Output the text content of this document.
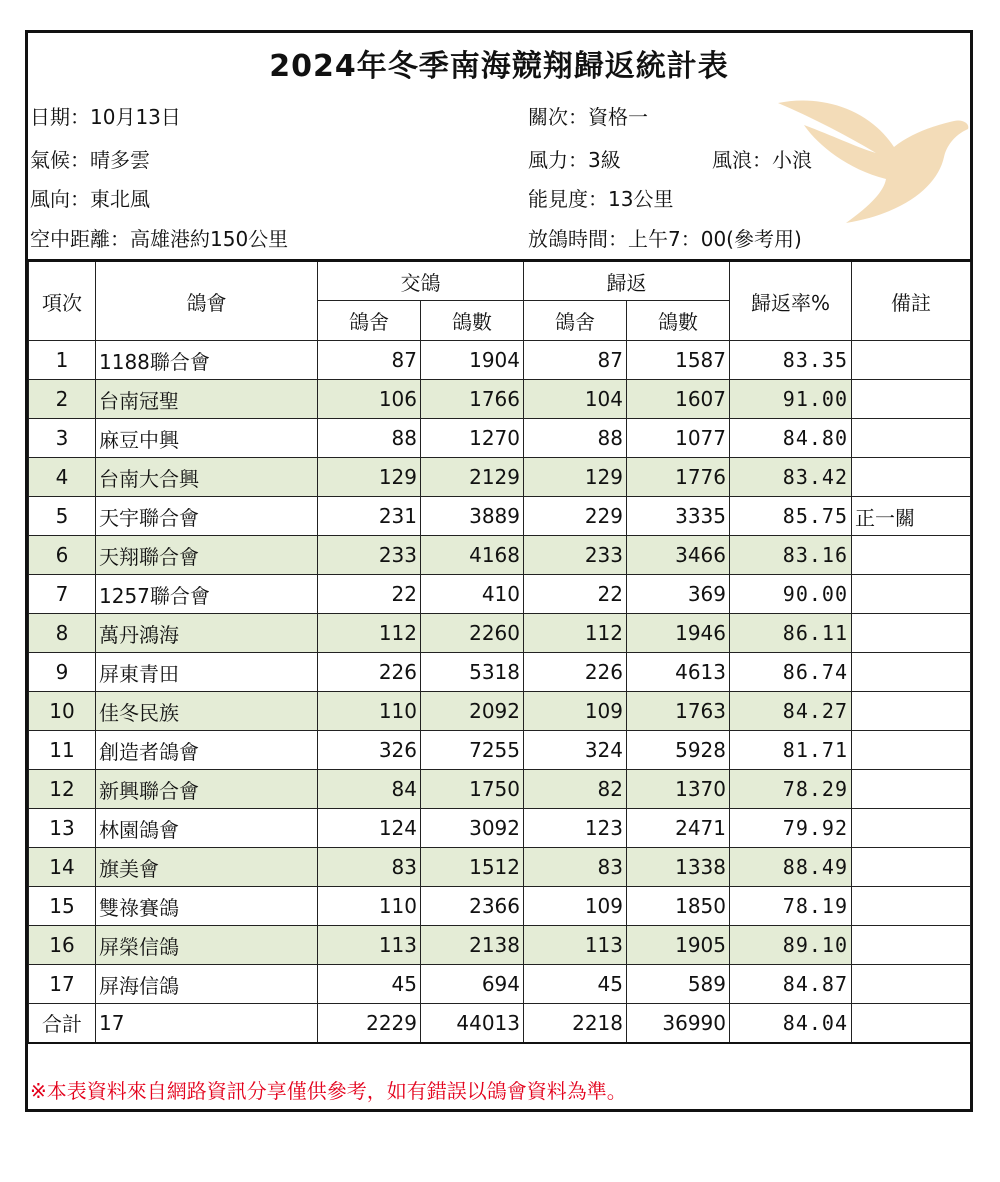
2024年冬季南海競翔歸返統計表
日期：10月13日	關次：資格一
氣候：晴多雲	風力：3級	風浪：小浪
風向：東北風	能見度：13公里
空中距離：高雄港約150公里	放鴿時間：上午7：00(參考用)
項次	鴿會	交鴿		歸返		歸返率%	備註
		鴿舍	鴿數	鴿舍	鴿數		
1	1188聯合會	87	1904	87	1587	83.35	
2	台南冠聖	106	1766	104	1607	91.00	
3	麻豆中興	88	1270	88	1077	84.80	
4	台南大合興	129	2129	129	1776	83.42	
5	天宇聯合會	231	3889	229	3335	85.75	正一關
6	天翔聯合會	233	4168	233	3466	83.16	
7	1257聯合會	22	410	22	369	90.00	
8	萬丹鴻海	112	2260	112	1946	86.11	
9	屏東青田	226	5318	226	4613	86.74	
10	佳冬民族	110	2092	109	1763	84.27	
11	創造者鴿會	326	7255	324	5928	81.71	
12	新興聯合會	84	1750	82	1370	78.29	
13	林園鴿會	124	3092	123	2471	79.92	
14	旗美會	83	1512	83	1338	88.49	
15	雙祿賽鴿	110	2366	109	1850	78.19	
16	屏榮信鴿	113	2138	113	1905	89.10	
17	屏海信鴿	45	694	45	589	84.87	
合計	17	2229	44013	2218	36990	84.04	
※本表資料來自網路資訊分享僅供參考，如有錯誤以鴿會資料為準。
